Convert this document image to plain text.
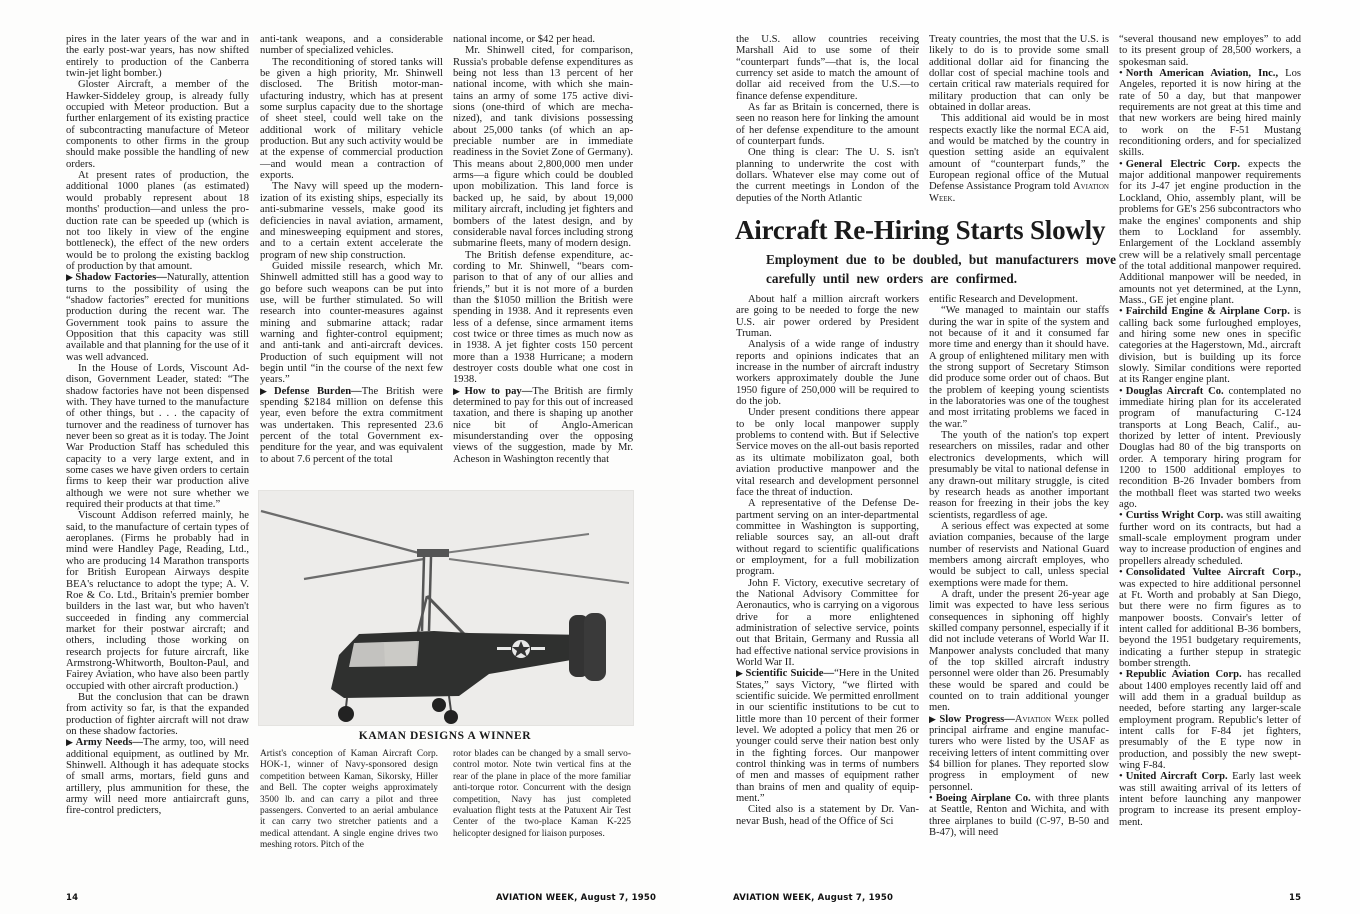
pires in the later years of the war and in the early post-war years, has now shifted entirely to production of the Canberra twin-jet light bomber.)

Gloster Aircraft, a member of the Hawker-Siddeley group, is already fully occupied with Meteor production. But a further enlargement of its existing practice of subcontracting manufacture of Meteor components to other firms in the group should make possible the handling of new orders.

At present rates of production, the additional 1000 planes (as estimated) would probably represent about 18 months' production—and unless the production rate can be speeded up (which is not too likely in view of the engine bottleneck), the effect of the new orders would be to prolong the existing backlog of production by that amount.

▶ Shadow Factories—Naturally, attention turns to the possibility of using the “shadow factories” erected for munitions production during the recent war. The Government took pains to assure the Opposition that this capacity was still available and that planning for the use of it was well advanced.

In the House of Lords, Viscount Addison, Government Leader, stated: “The shadow factories have not been dispensed with. They have turned to the manufacture of other things, but . . . the capacity of turnover and the readiness of turnover has never been so great as it is today. The Joint War Production Staff has scheduled this capacity to a very large extent, and in some cases we have given orders to certain firms to keep their war production alive although we were not sure whether we required their products at that time.”

Viscount Addison referred mainly, he said, to the manufacture of certain types of aeroplanes. (Firms he probably had in mind were Handley Page, Reading, Ltd., who are producing 14 Marathon transports for British European Airways despite BEA's reluctance to adopt the type; A. V. Roe & Co. Ltd., Britain's premier bomber builders in the last war, but who haven't succeeded in finding any commercial market for their postwar aircraft; and others, including those working on research projects for future aircraft, like Armstrong-Whitworth, Boulton-Paul, and Fairey Aviation, who have also been partly occupied with other aircraft production.)

But the conclusion that can be drawn from activity so far, is that the expanded production of fighter aircraft will not draw on these shadow factories.

▶ Army Needs—The army, too, will need additional equipment, as outlined by Mr. Shinwell. Although it has adequate stocks of small arms, mortars, field guns and artillery, plus ammunition for these, the army will need more antiaircraft guns, fire-control predicters,

anti-tank weapons, and a considerable number of specialized vehicles.

The reconditioning of stored tanks will be given a high priority, Mr. Shinwell disclosed. The British motor-manufacturing industry, which has at present some surplus capacity due to the shortage of sheet steel, could well take on the additional work of military vehicle production. But any such activity would be at the expense of commercial production—and would mean a contraction of exports.

The Navy will speed up the modernization of its existing ships, especially its anti-submarine vessels, make good its deficiencies in naval aviation, armament, and minesweeping equipment and stores, and to a certain extent accelerate the program of new ship construction.

Guided missile research, which Mr. Shinwell admitted still has a good way to go before such weapons can be put into use, will be further stimulated. So will research into counter-measures against mining and submarine attack; radar warning and fighter-control equipment; and anti-tank and anti-aircraft devices. Production of such equipment will not begin until “in the course of the next few years.”

▶ Defense Burden—The British were spending $2184 million on defense this year, even before the extra commitment was undertaken. This represented 23.6 percent of the total Government expenditure for the year, and was equivalent to about 7.6 percent of the total

national income, or $42 per head.

Mr. Shinwell cited, for comparison, Russia's probable defense expenditures as being not less than 13 percent of her national income, with which she maintains an army of some 175 active divisions (one-third of which are mechanized), and tank divisions possessing about 25,000 tanks (of which an appreciable number are in immediate readiness in the Soviet Zone of Germany). This means about 2,800,000 men under arms—a figure which could be doubled upon mobilization. This land force is backed up, he said, by about 19,000 military aircraft, including jet fighters and bombers of the latest design, and by considerable naval forces including strong submarine fleets, many of modern design.

The British defense expenditure, according to Mr. Shinwell, “bears comparison to that of any of our allies and friends,” but it is not more of a burden than the $1050 million the British were spending in 1938. And it represents even less of a defense, since armament items cost twice or three times as much now as in 1938. A jet fighter costs 150 percent more than a 1938 Hurricane; a modern destroyer costs double what one cost in 1938.

▶ How to pay—The British are firmly determined to pay for this out of increased taxation, and there is shaping up another nice bit of Anglo-American misunderstanding over the opposing views of the suggestion, made by Mr. Acheson in Washington recently that

KAMAN DESIGNS A WINNER
Artist's conception of Kaman Aircraft Corp. HOK-1, winner of Navy-sponsored design competition between Kaman, Sikorsky, Hiller and Bell. The copter weighs approximately 3500 lb. and can carry a pilot and three passengers. Converted to an aerial ambulance it can carry two stretcher patients and a medical attendant. A single engine drives two meshing rotors. Pitch of the
rotor blades can be changed by a small servo-control motor. Note twin vertical fins at the rear of the plane in place of the more familiar anti-torque rotor. Concurrent with the design competition, Navy has just completed evaluation flight tests at the Patuxent Air Test Center of the two-place Kaman K-225 helicopter designed for liaison purposes.
14	AVIATION WEEK, August 7, 1950

the U.S. allow countries receiving Marshall Aid to use some of their “counterpart funds”—that is, the local currency set aside to match the amount of dollar aid received from the U.S.—to finance defense expenditure.

As far as Britain is concerned, there is seen no reason here for linking the amount of her defense expenditure to the amount of counterpart funds.

One thing is clear: The U. S. isn't planning to underwrite the cost with dollars. Whatever else may come out of the current meetings in London of the deputies of the North Atlantic

Treaty countries, the most that the U.S. is likely to do is to provide some small additional dollar aid for financing the dollar cost of special machine tools and certain critical raw materials required for military production that can only be obtained in dollar areas.

This additional aid would be in most respects exactly like the normal ECA aid, and would be matched by the country in question setting aside an equivalent amount of “counterpart funds,” the European regional office of the Mutual Defense Assistance Program told Aviation Week.

“several thousand new employes” to add to its present group of 28,500 workers, a spokesman said.

• North American Aviation, Inc., Los Angeles, reported it is now hiring at the rate of 50 a day, but that manpower requirements are not great at this time and that new workers are being hired mainly to work on the F-51 Mustang reconditioning orders, and for specialized skills.

• General Electric Corp. expects the major additional manpower requirements for its J-47 jet engine production in the Lockland, Ohio, assembly plant, will be problems for GE's 256 subcontractors who make the engines' components and ship them to Lockland for assembly. Enlargement of the Lockland assembly crew will be a relatively small percentage of the total additional manpower required. Additional manpower will be needed, in amounts not yet determined, at the Lynn, Mass., GE jet engine plant.

• Fairchild Engine & Airplane Corp. is calling back some furloughed employes, and hiring some new ones in specific categories at the Hagerstown, Md., aircraft division, but is building up its force slowly. Similar conditions were reported at its Ranger engine plant.

• Douglas Aircraft Co. contemplated no immediate hiring plan for its accelerated program of manufacturing C-124 transports at Long Beach, Calif., authorized by letter of intent. Previously Douglas had 80 of the big transports on order. A temporary hiring program for 1200 to 1500 additional employes to recondition B-26 Invader bombers from the mothball fleet was started two weeks ago.

• Curtiss Wright Corp. was still awaiting further word on its contracts, but had a small-scale employment program under way to increase production of engines and propellers already scheduled.

• Consolidated Vultee Aircraft Corp., was expected to hire additional personnel at Ft. Worth and probably at San Diego, but there were no firm figures as to manpower boosts. Convair's letter of intent called for additional B-36 bombers, beyond the 1951 budgetary requirements, indicating a further stepup in strategic bomber strength.

• Republic Aviation Corp. has recalled about 1400 employes recently laid off and will add them in a gradual buildup as needed, before starting any larger-scale employment program. Republic's letter of intent calls for F-84 jet fighters, presumably of the E type now in production, and possibly the new swept-wing F-84.

• United Aircraft Corp. Early last week was still awaiting arrival of its letters of intent before launching any manpower program to increase its present employment.

About half a million aircraft workers are going to be needed to forge the new U.S. air power ordered by President Truman.

Analysis of a wide range of industry reports and opinions indicates that an increase in the number of aircraft industry workers approximately double the June 1950 figure of 250,000 will be required to do the job.

Under present conditions there appear to be only local manpower supply problems to contend with. But if Selective Service moves on the all-out basis reported as its ultimate mobilizaton goal, both aviation productive manpower and the vital research and development personnel face the threat of induction.

A representative of the Defense Department serving on an inter-departmental committee in Washington is supporting, reliable sources say, an all-out draft without regard to scientific qualifications or employment, for a full mobilization program.

John F. Victory, executive secretary of the National Advisory Committee for Aeronautics, who is carrying on a vigorous drive for a more enlightened administration of selective service, points out that Britain, Germany and Russia all had effective national service provisions in World War II.

▶ Scientific Suicide—“Here in the United States,” says Victory, “we flirted with scientific suicide. We permitted enrollment in our scientific institutions to be cut to little more than 10 percent of their former level. We adopted a policy that men 26 or younger could serve their nation best only in the fighting forces. Our manpower control thinking was in terms of numbers of men and masses of equipment rather than brains of men and quality of equipment.”

Cited also is a statement by Dr. Vannevar Bush, head of the Office of Sci

entific Research and Development.

“We managed to maintain our staffs during the war in spite of the system and not because of it and it consumed far more time and energy than it should have. A group of enlightened military men with the strong support of Secretary Stimson did produce some order out of chaos. But the problem of keeping young scientists in the laboratories was one of the toughest and most irritating problems we faced in the war.”

The youth of the nation's top expert researchers on missiles, radar and other electronics developments, which will presumably be vital to national defense in any drawn-out military struggle, is cited by research heads as another important reason for freezing in their jobs the key scientists, regardless of age.

A serious effect was expected at some aviation companies, because of the large number of reservists and National Guard members among aircraft employes, who would be subject to call, unless special exemptions were made for them.

A draft, under the present 26-year age limit was expected to have less serious consequences in siphoning off highly skilled company personnel, especially if it did not include veterans of World War II. Manpower analysts concluded that many of the top skilled aircraft industry personnel were older than 26. Presumably these would be spared and could be counted on to train additional younger men.

▶ Slow Progress—Aviation Week polled principal airframe and engine manufacturers who were listed by the USAF as receiving letters of intent committing over $4 billion for planes. They reported slow progress in employment of new personnel.

• Boeing Airplane Co. with three plants at Seattle, Renton and Wichita, and with three airplanes to build (C-97, B-50 and B-47), will need

AVIATION WEEK, August 7, 1950	15
Aircraft Re-Hiring Starts Slowly
Employment due to be doubled, but manufacturers move carefully until new orders are confirmed.
